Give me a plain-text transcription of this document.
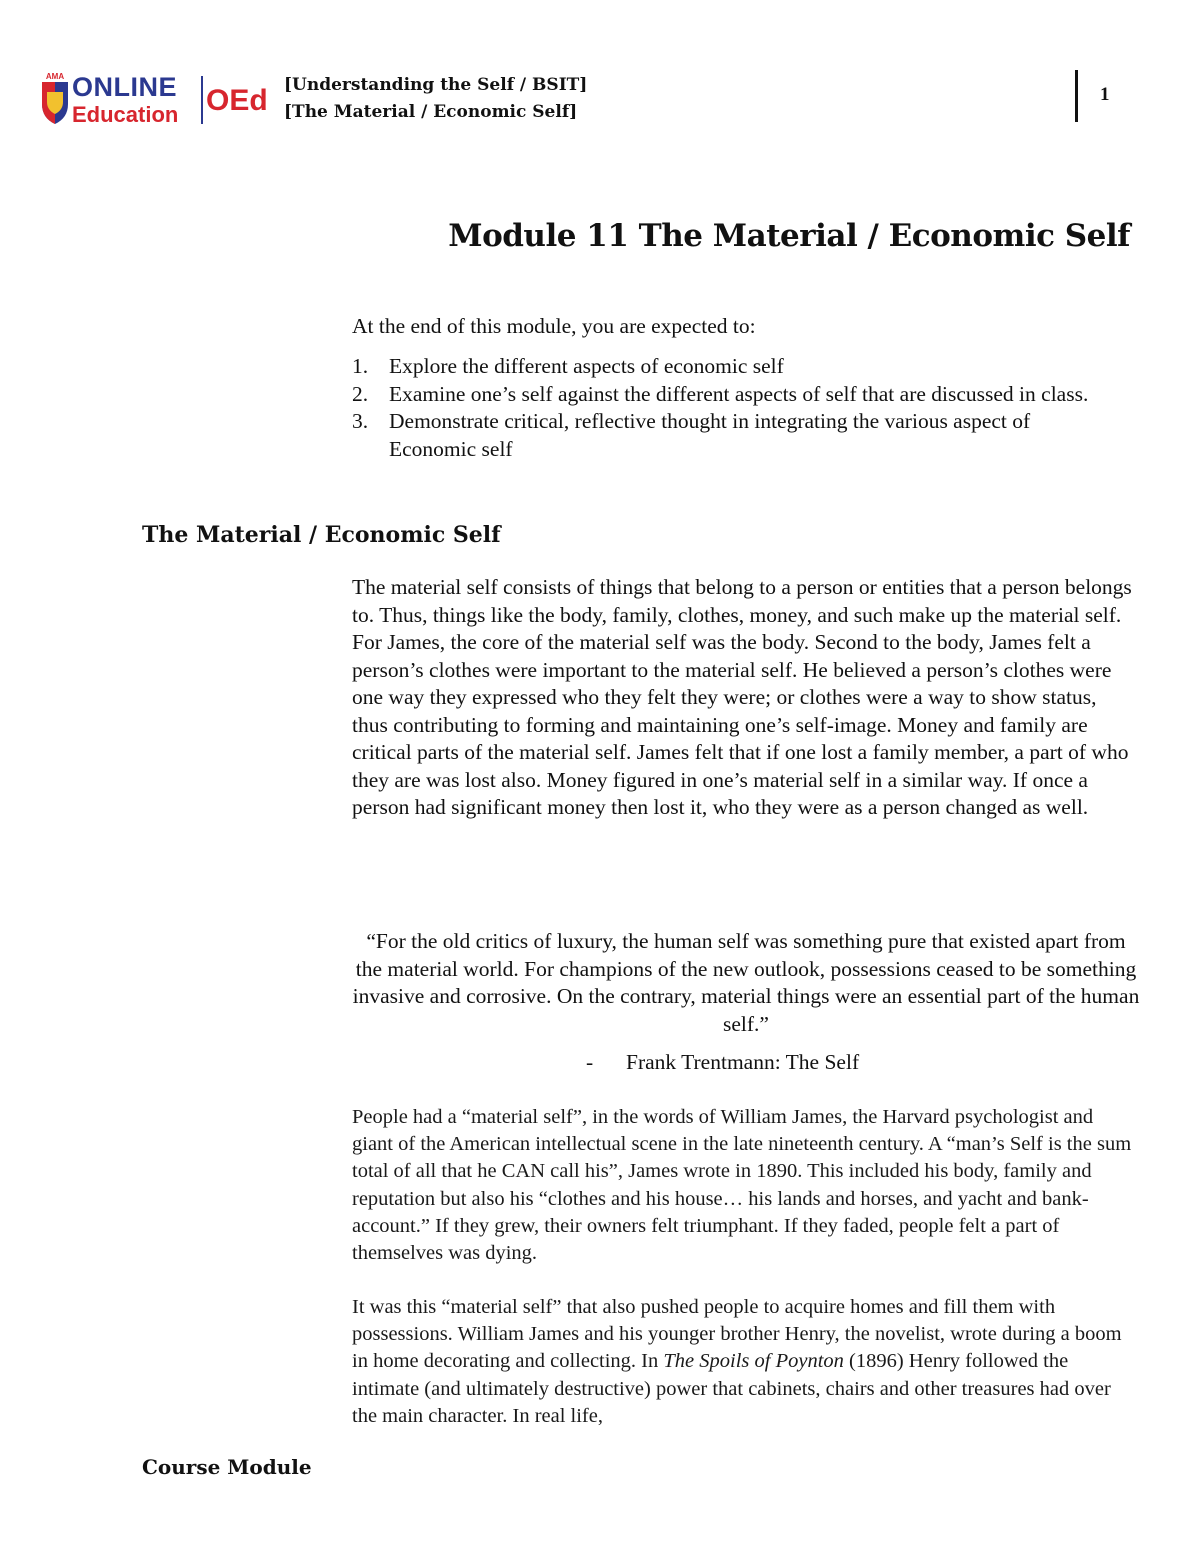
AMA ONLINE
Education OEd [Understanding the Self / BSIT]
[The Material / Economic Self]
1
Module 11 The Material / Economic Self

At the end of this module, you are expected to:

1. Explore the different aspects of economic self
2. Examine one’s self against the different aspects of self that are discussed in class.
3. Demonstrate critical, reflective thought in integrating the various aspect of Economic self
The Material / Economic Self

The material self consists of things that belong to a person or entities that a person belongs to. Thus, things like the body, family, clothes, money, and such make up the material self. For James, the core of the material self was the body. Second to the body, James felt a person’s clothes were important to the material self. He believed a person’s clothes were one way they expressed who they felt they were; or clothes were a way to show status, thus contributing to forming and maintaining one’s self-image. Money and family are critical parts of the material self. James felt that if one lost a family member, a part of who they are was lost also. Money figured in one’s material self in a similar way. If once a person had significant money then lost it, who they were as a person changed as well.

“For the old critics of luxury, the human self was something pure that existed apart from the material world. For champions of the new outlook, possessions ceased to be something invasive and corrosive. On the contrary, material things were an essential part of the human self.”

- Frank Trentmann: The Self

People had a “material self”, in the words of William James, the Harvard psychologist and giant of the American intellectual scene in the late nineteenth century. A “man’s Self is the sum total of all that he CAN call his”, James wrote in 1890. This included his body, family and reputation but also his “clothes and his house… his lands and horses, and yacht and bank-account.” If they grew, their owners felt triumphant. If they faded, people felt a part of themselves was dying.

It was this “material self” that also pushed people to acquire homes and fill them with possessions. William James and his younger brother Henry, the novelist, wrote during a boom in home decorating and collecting. In The Spoils of Poynton (1896) Henry followed the intimate (and ultimately destructive) power that cabinets, chairs and other treasures had over the main character. In real life,

Course Module
